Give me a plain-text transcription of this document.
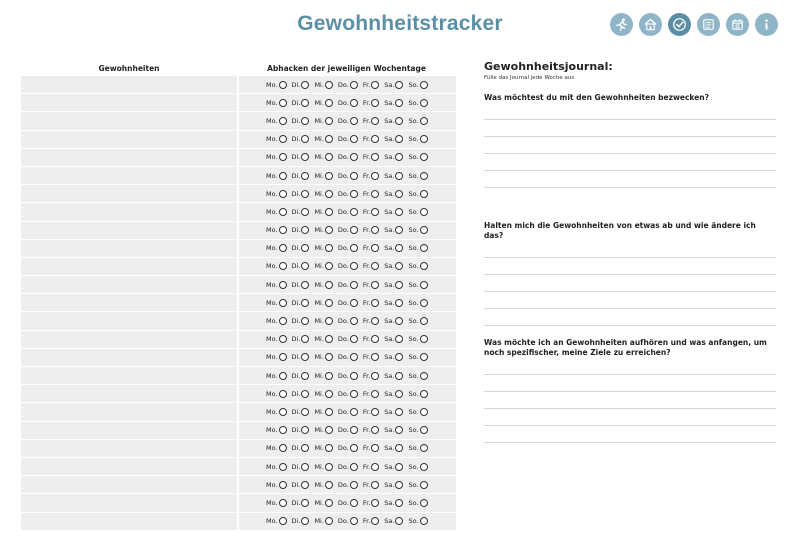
Gewohnheitstracker
Gewohnheiten	Abhacken der jeweiligen Wochentage
Mo. Di. Mi. Do. Fr. Sa. So.
Mo. Di. Mi. Do. Fr. Sa. So.
Mo. Di. Mi. Do. Fr. Sa. So.
Mo. Di. Mi. Do. Fr. Sa. So.
Mo. Di. Mi. Do. Fr. Sa. So.
Mo. Di. Mi. Do. Fr. Sa. So.
Mo. Di. Mi. Do. Fr. Sa. So.
Mo. Di. Mi. Do. Fr. Sa. So.
Mo. Di. Mi. Do. Fr. Sa. So.
Mo. Di. Mi. Do. Fr. Sa. So.
Mo. Di. Mi. Do. Fr. Sa. So.
Mo. Di. Mi. Do. Fr. Sa. So.
Mo. Di. Mi. Do. Fr. Sa. So.
Mo. Di. Mi. Do. Fr. Sa. So.
Mo. Di. Mi. Do. Fr. Sa. So.
Mo. Di. Mi. Do. Fr. Sa. So.
Mo. Di. Mi. Do. Fr. Sa. So.
Mo. Di. Mi. Do. Fr. Sa. So.
Mo. Di. Mi. Do. Fr. Sa. So.
Mo. Di. Mi. Do. Fr. Sa. So.
Mo. Di. Mi. Do. Fr. Sa. So.
Mo. Di. Mi. Do. Fr. Sa. So.
Mo. Di. Mi. Do. Fr. Sa. So.
Mo. Di. Mi. Do. Fr. Sa. So.
Mo. Di. Mi. Do. Fr. Sa. So.
Gewohnheitsjournal:
Fülle das Journal jede Woche aus
Was möchtest du mit den Gewohnheiten bezwecken?
Halten mich die Gewohnheiten von etwas ab und wie ändere ich das?
Was möchte ich an Gewohnheiten aufhören und was anfangen, um noch spezifischer, meine Ziele zu erreichen?
